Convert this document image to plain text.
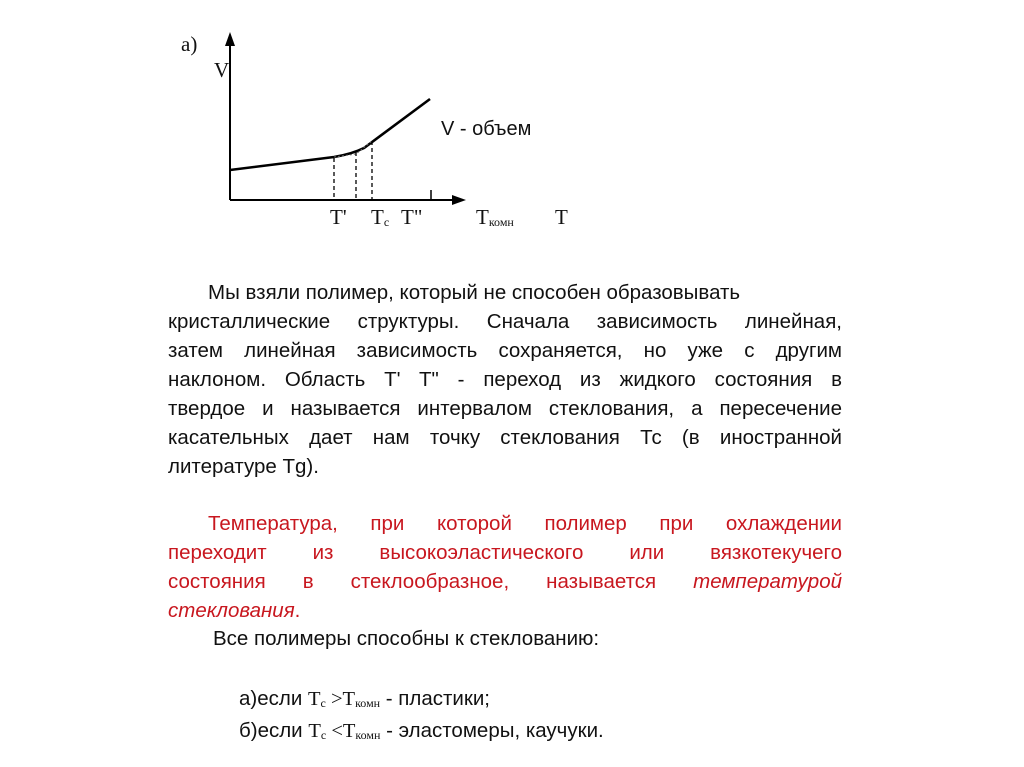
а)
V
V - объем
T' $T_c$ T"	$T_{комн}$ T
Мы взяли полимер, который не способен образовывать
кристаллические структуры. Сначала зависимость линейная,
затем линейная зависимость сохраняется, но уже с другим
наклоном. Область T' T" - переход из жидкого состояния в
твердое и называется интервалом стеклования, а пересечение
касательных дает нам точку стеклования Тс (в иностранной
литературе Tg).
Температура, при которой полимер при охлаждении
переходит из высокоэластического или вязкотекучего
состояния в стеклообразное, называется температурой
стеклования.
Все полимеры способны к стеклованию:
а)если $T_c >T_{комн}$ - пластики;
б)если $T_c <T_{комн}$ - эластомеры, каучуки.
